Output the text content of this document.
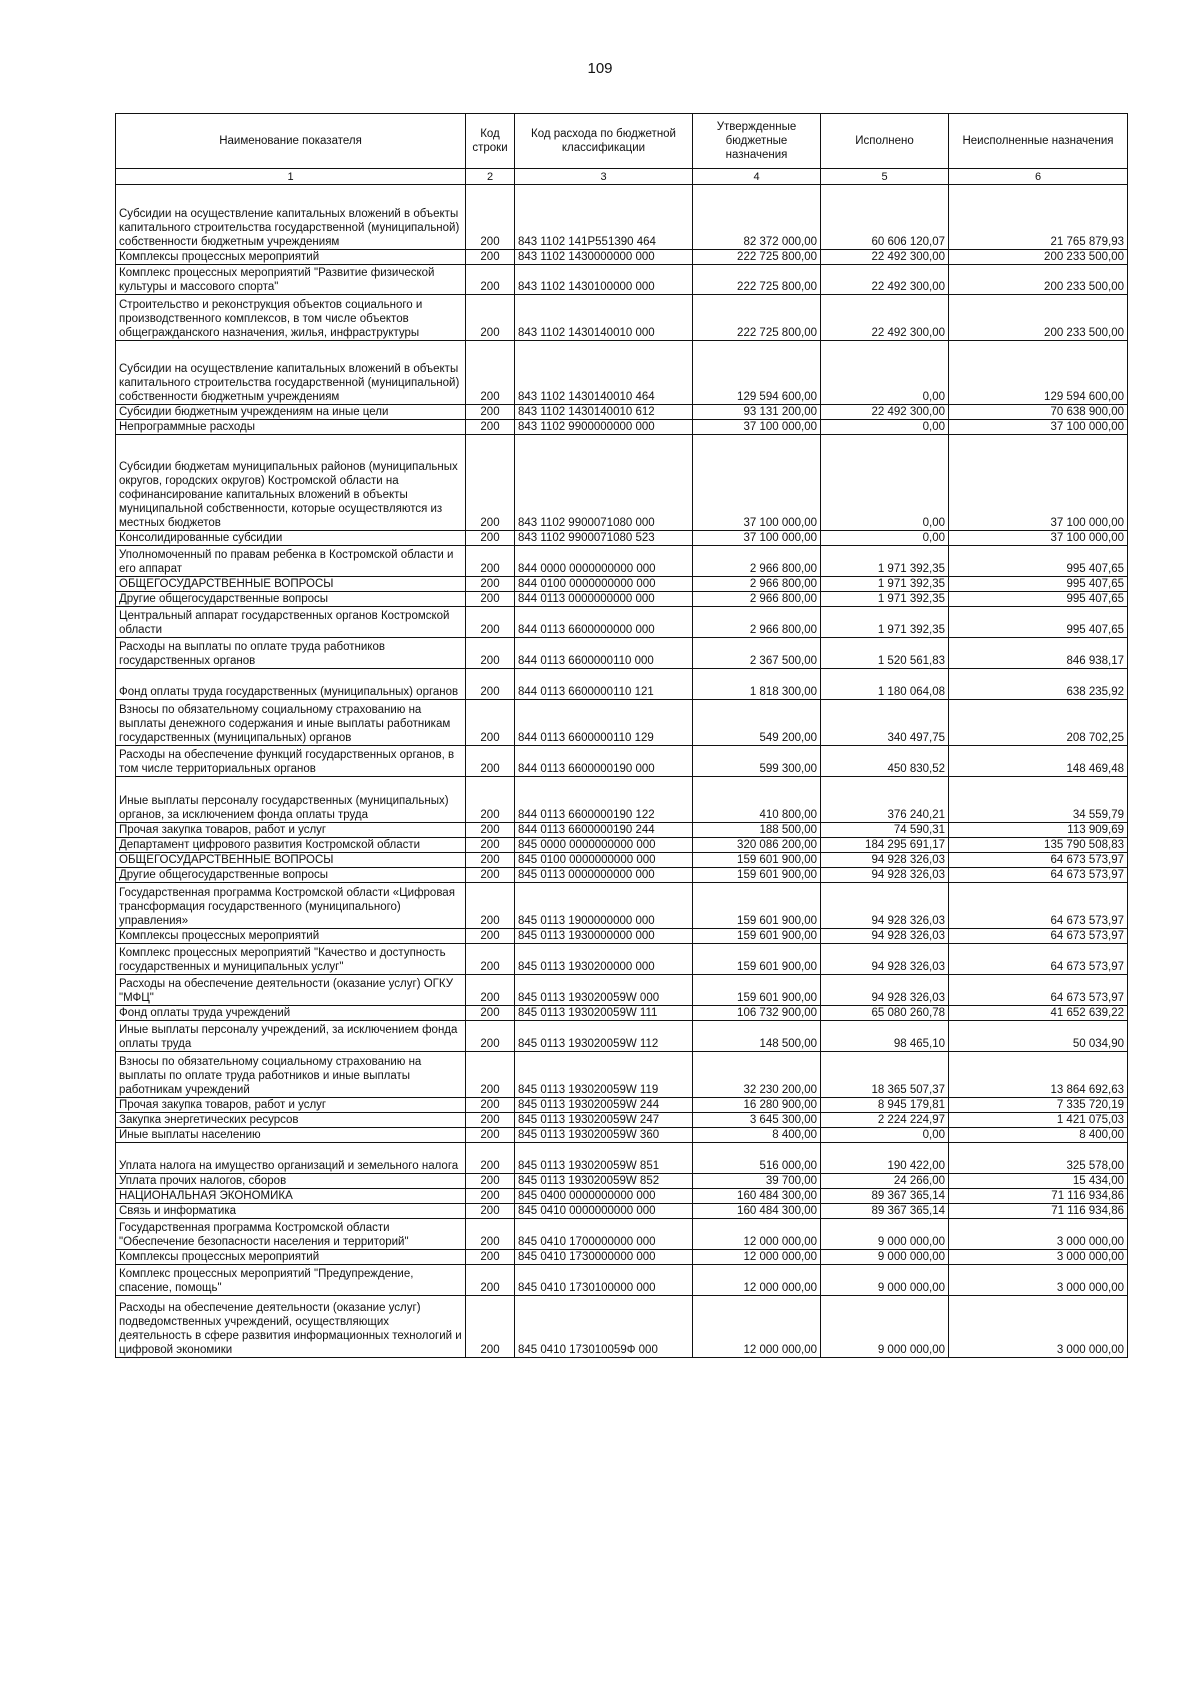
109
Наименование показателя	Код строки	Код расхода по бюджетной классификации	Утвержденные бюджетные назначения	Исполнено	Неисполненные назначения
1	2	3	4	5	6
Субсидии на осуществление капитальных вложений в объекты капитального строительства государственной (муниципальной) собственности бюджетным учреждениям	200	843 1102 141P551390 464	82 372 000,00	60 606 120,07	21 765 879,93
Комплексы процессных мероприятий	200	843 1102 1430000000 000	222 725 800,00	22 492 300,00	200 233 500,00
Комплекс процессных мероприятий "Развитие физической культуры и массового спорта"	200	843 1102 1430100000 000	222 725 800,00	22 492 300,00	200 233 500,00
Строительство и реконструкция объектов социального и производственного комплексов, в том числе объектов общегражданского назначения, жилья, инфраструктуры	200	843 1102 1430140010 000	222 725 800,00	22 492 300,00	200 233 500,00
Субсидии на осуществление капитальных вложений в объекты капитального строительства государственной (муниципальной) собственности бюджетным учреждениям	200	843 1102 1430140010 464	129 594 600,00	0,00	129 594 600,00
Субсидии бюджетным учреждениям на иные цели	200	843 1102 1430140010 612	93 131 200,00	22 492 300,00	70 638 900,00
Непрограммные расходы	200	843 1102 9900000000 000	37 100 000,00	0,00	37 100 000,00
Субсидии бюджетам муниципальных районов (муниципальных округов, городских округов) Костромской области на софинансирование капитальных вложений в объекты муниципальной собственности, которые осуществляются из местных бюджетов	200	843 1102 9900071080 000	37 100 000,00	0,00	37 100 000,00
Консолидированные субсидии	200	843 1102 9900071080 523	37 100 000,00	0,00	37 100 000,00
Уполномоченный по правам ребенка в Костромской области и его аппарат	200	844 0000 0000000000 000	2 966 800,00	1 971 392,35	995 407,65
ОБЩЕГОСУДАРСТВЕННЫЕ ВОПРОСЫ	200	844 0100 0000000000 000	2 966 800,00	1 971 392,35	995 407,65
Другие общегосударственные вопросы	200	844 0113 0000000000 000	2 966 800,00	1 971 392,35	995 407,65
Центральный аппарат государственных органов Костромской области	200	844 0113 6600000000 000	2 966 800,00	1 971 392,35	995 407,65
Расходы на выплаты по оплате труда работников государственных органов	200	844 0113 6600000110 000	2 367 500,00	1 520 561,83	846 938,17
Фонд оплаты труда государственных (муниципальных) органов	200	844 0113 6600000110 121	1 818 300,00	1 180 064,08	638 235,92
Взносы по обязательному социальному страхованию на выплаты денежного содержания и иные выплаты работникам государственных (муниципальных) органов	200	844 0113 6600000110 129	549 200,00	340 497,75	208 702,25
Расходы на обеспечение функций государственных органов, в том числе территориальных органов	200	844 0113 6600000190 000	599 300,00	450 830,52	148 469,48
Иные выплаты персоналу государственных (муниципальных) органов, за исключением фонда оплаты труда	200	844 0113 6600000190 122	410 800,00	376 240,21	34 559,79
Прочая закупка товаров, работ и услуг	200	844 0113 6600000190 244	188 500,00	74 590,31	113 909,69
Департамент цифрового развития Костромской области	200	845 0000 0000000000 000	320 086 200,00	184 295 691,17	135 790 508,83
ОБЩЕГОСУДАРСТВЕННЫЕ ВОПРОСЫ	200	845 0100 0000000000 000	159 601 900,00	94 928 326,03	64 673 573,97
Другие общегосударственные вопросы	200	845 0113 0000000000 000	159 601 900,00	94 928 326,03	64 673 573,97
Государственная программа Костромской области «Цифровая трансформация государственного (муниципального) управления»	200	845 0113 1900000000 000	159 601 900,00	94 928 326,03	64 673 573,97
Комплексы процессных мероприятий	200	845 0113 1930000000 000	159 601 900,00	94 928 326,03	64 673 573,97
Комплекс процессных мероприятий "Качество и доступность государственных и муниципальных услуг"	200	845 0113 1930200000 000	159 601 900,00	94 928 326,03	64 673 573,97
Расходы на обеспечение деятельности (оказание услуг) ОГКУ "МФЦ"	200	845 0113 193020059W 000	159 601 900,00	94 928 326,03	64 673 573,97
Фонд оплаты труда учреждений	200	845 0113 193020059W 111	106 732 900,00	65 080 260,78	41 652 639,22
Иные выплаты персоналу учреждений, за исключением фонда оплаты труда	200	845 0113 193020059W 112	148 500,00	98 465,10	50 034,90
Взносы по обязательному социальному страхованию на выплаты по оплате труда работников и иные выплаты работникам учреждений	200	845 0113 193020059W 119	32 230 200,00	18 365 507,37	13 864 692,63
Прочая закупка товаров, работ и услуг	200	845 0113 193020059W 244	16 280 900,00	8 945 179,81	7 335 720,19
Закупка энергетических ресурсов	200	845 0113 193020059W 247	3 645 300,00	2 224 224,97	1 421 075,03
Иные выплаты населению	200	845 0113 193020059W 360	8 400,00	0,00	8 400,00
Уплата налога на имущество организаций и земельного налога	200	845 0113 193020059W 851	516 000,00	190 422,00	325 578,00
Уплата прочих налогов, сборов	200	845 0113 193020059W 852	39 700,00	24 266,00	15 434,00
НАЦИОНАЛЬНАЯ ЭКОНОМИКА	200	845 0400 0000000000 000	160 484 300,00	89 367 365,14	71 116 934,86
Связь и информатика	200	845 0410 0000000000 000	160 484 300,00	89 367 365,14	71 116 934,86
Государственная программа Костромской области "Обеспечение безопасности населения и территорий"	200	845 0410 1700000000 000	12 000 000,00	9 000 000,00	3 000 000,00
Комплексы процессных мероприятий	200	845 0410 1730000000 000	12 000 000,00	9 000 000,00	3 000 000,00
Комплекс процессных мероприятий "Предупреждение, спасение, помощь"	200	845 0410 1730100000 000	12 000 000,00	9 000 000,00	3 000 000,00
Расходы на обеспечение деятельности (оказание услуг) подведомственных учреждений, осуществляющих деятельность в сфере развития информационных технологий и цифровой экономики	200	845 0410 173010059Ф 000	12 000 000,00	9 000 000,00	3 000 000,00
